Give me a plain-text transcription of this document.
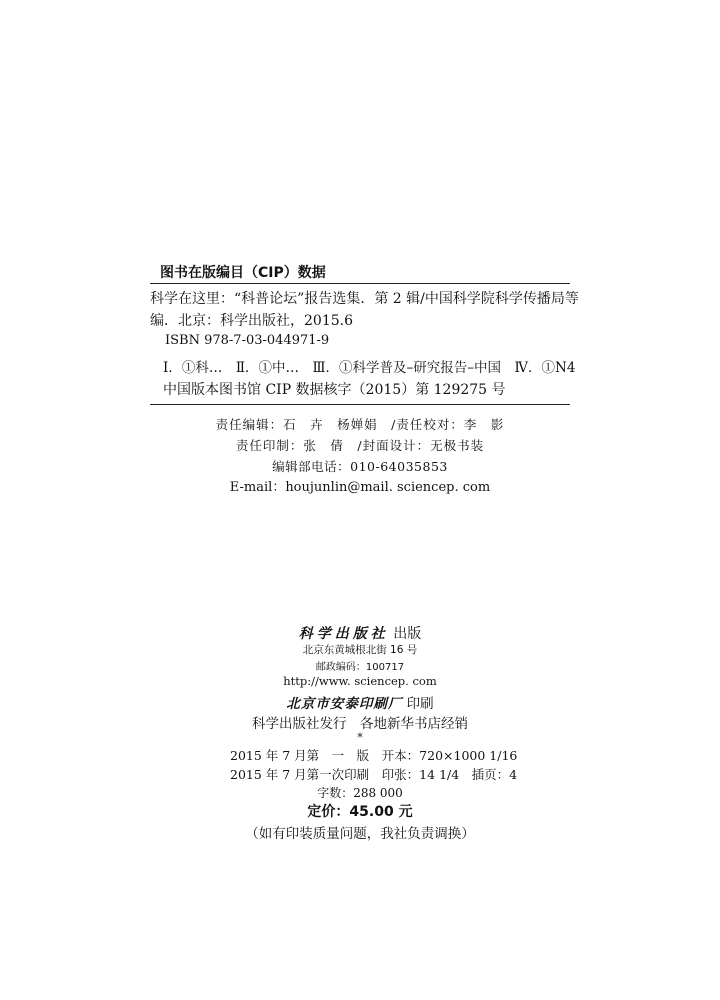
图书在版编目（CIP）数据
科学在这里：“科普论坛”报告选集．第 2 辑/中国科学院科学传播局等
编．北京：科学出版社，2015.6
ISBN 978-7-03-044971-9
Ⅰ．①科…　Ⅱ．①中…　Ⅲ．①科学普及–研究报告–中国　Ⅳ．①N4
中国版本图书馆 CIP 数据核字（2015）第 129275 号
责任编辑：石　卉　杨婵娟　/责任校对：李　影
责任印制：张　倩　/封面设计：无极书装
编辑部电话：010-64035853
E-mail：houjunlin@mail. sciencep. com
科学出版社 出版
北京东黄城根北街 16 号
邮政编码：100717
http://www. sciencep. com
北京市安泰印刷厂 印刷
科学出版社发行　各地新华书店经销
*
2015 年 7 月第　一　版　开本：720×1000 1/16
2015 年 7 月第一次印刷　印张：14 1/4　插页：4
字数：288 000
定价：45.00 元
（如有印装质量问题，我社负责调换）
